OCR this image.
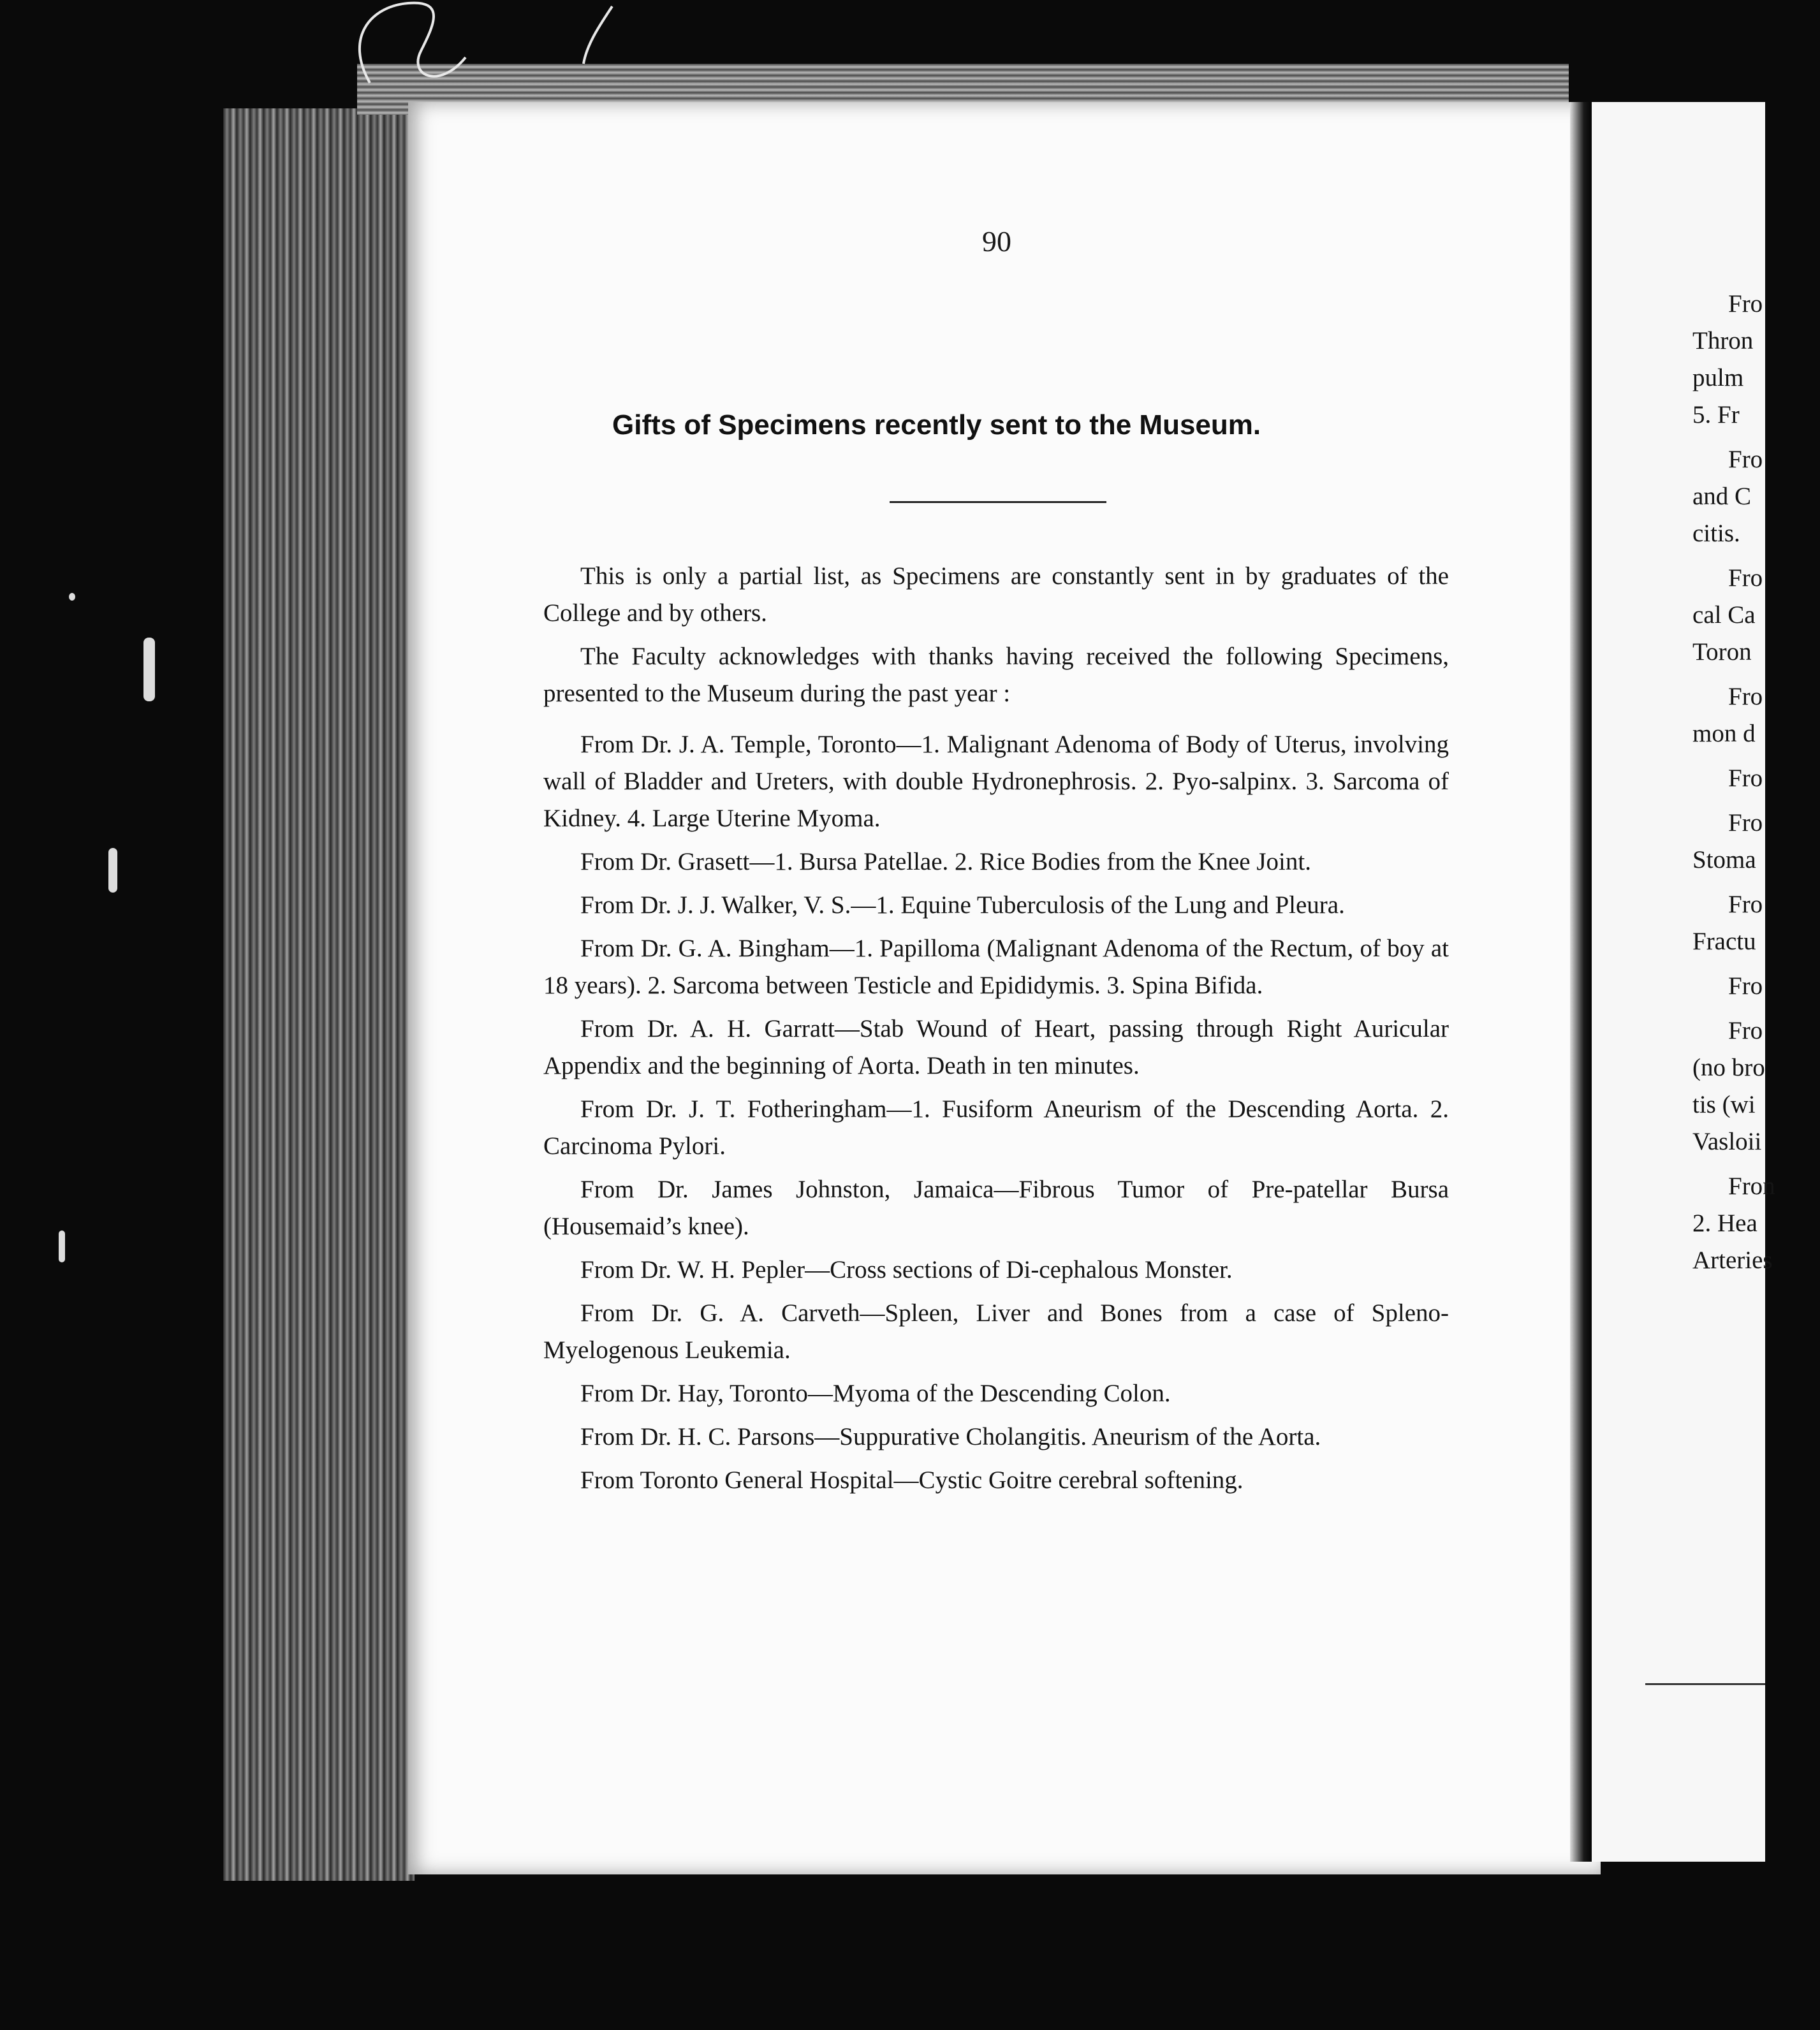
90
Gifts of Specimens recently sent to the Museum.

This is only a partial list, as Specimens are constantly sent in by graduates of the College and by others.

The Faculty acknowledges with thanks having received the following Specimens, presented to the Museum during the past year :

From Dr. J. A. Temple, Toronto—1. Malignant Adenoma of Body of Uterus, involving wall of Bladder and Ureters, with double Hydronephrosis. 2. Pyo-salpinx. 3. Sarcoma of Kidney. 4. Large Uterine Myoma.

From Dr. Grasett—1. Bursa Patellae. 2. Rice Bodies from the Knee Joint.

From Dr. J. J. Walker, V. S.—1. Equine Tuberculosis of the Lung and Pleura.

From Dr. G. A. Bingham—1. Papilloma (Malignant Adenoma of the Rectum, of boy at 18 years). 2. Sarcoma between Testicle and Epididymis. 3. Spina Bifida.

From Dr. A. H. Garratt—Stab Wound of Heart, passing through Right Auricular Appendix and the beginning of Aorta. Death in ten minutes.

From Dr. J. T. Fotheringham—1. Fusiform Aneurism of the Descending Aorta. 2. Carcinoma Pylori.

From Dr. James Johnston, Jamaica—Fibrous Tumor of Pre-patellar Bursa (Housemaid’s knee).

From Dr. W. H. Pepler—Cross sections of Di-cephalous Monster.

From Dr. G. A. Carveth—Spleen, Liver and Bones from a case of Spleno-Myelogenous Leukemia.

From Dr. Hay, Toronto—Myoma of the Descending Colon.

From Dr. H. C. Parsons—Suppurative Cholangitis. Aneurism of the Aorta.

From Toronto General Hospital—Cystic Goitre cerebral softening.

Fro
Thron
pulm
5. Fr
Fro
and C
citis.
Fro
cal Ca
Toron
Fro
mon d
Fro
Fro
Stoma
Fro
Fractu
Fro
Fro
(no bro
tis (wi
Vasloii
Fron
2. Hea
Arteries
